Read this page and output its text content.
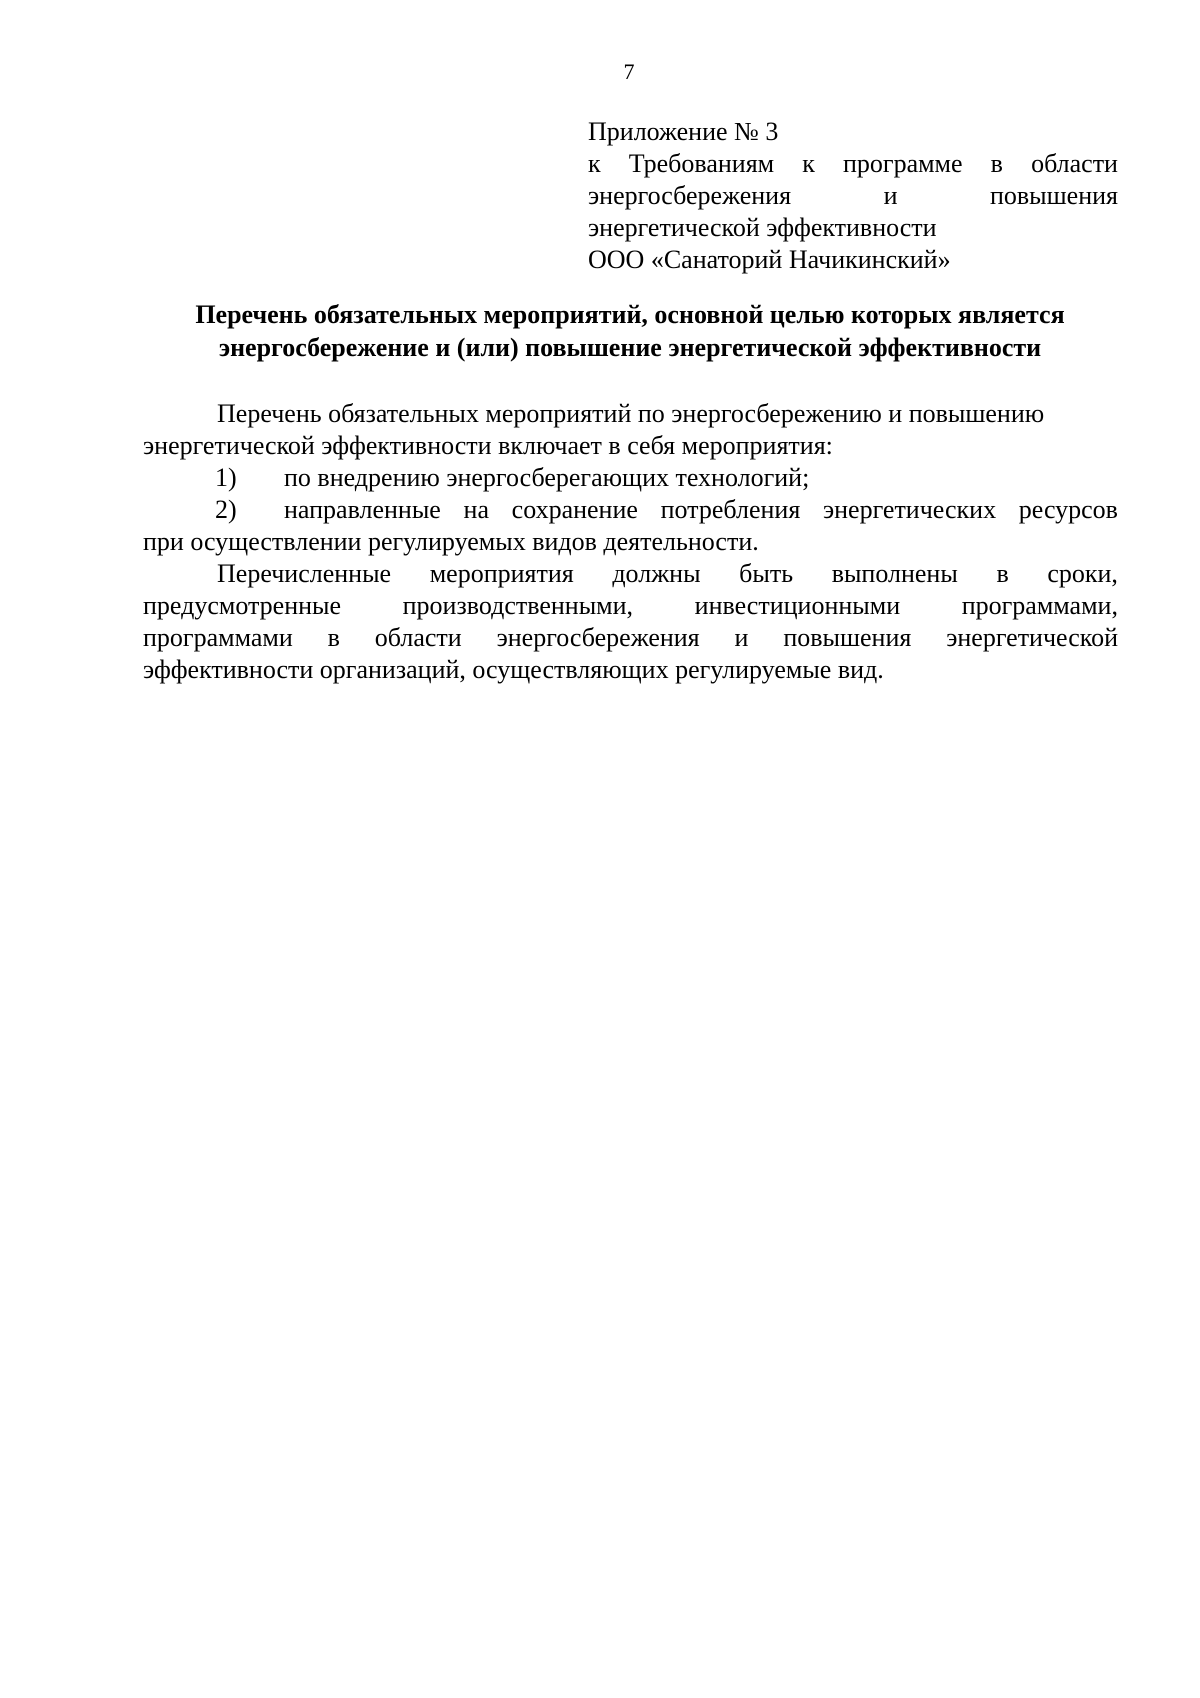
7
Приложение № 3
к Требованиям к программе в области
энергосбережения	и	повышения
энергетической эффективности
ООО «Санаторий Начикинский»
Перечень обязательных мероприятий, основной целью которых является
энергосбережение и (или) повышение энергетической эффективности
Перечень обязательных мероприятий по энергосбережению и повышению
энергетической эффективности включает в себя мероприятия:
1)	по внедрению энергосберегающих технологий;
2)	направленные на сохранение потребления энергетических ресурсов
при осуществлении регулируемых видов деятельности.
Перечисленные мероприятия должны быть выполнены в сроки,
предусмотренные производственными, инвестиционными программами,
программами в области энергосбережения и повышения энергетической
эффективности организаций, осуществляющих регулируемые вид.
